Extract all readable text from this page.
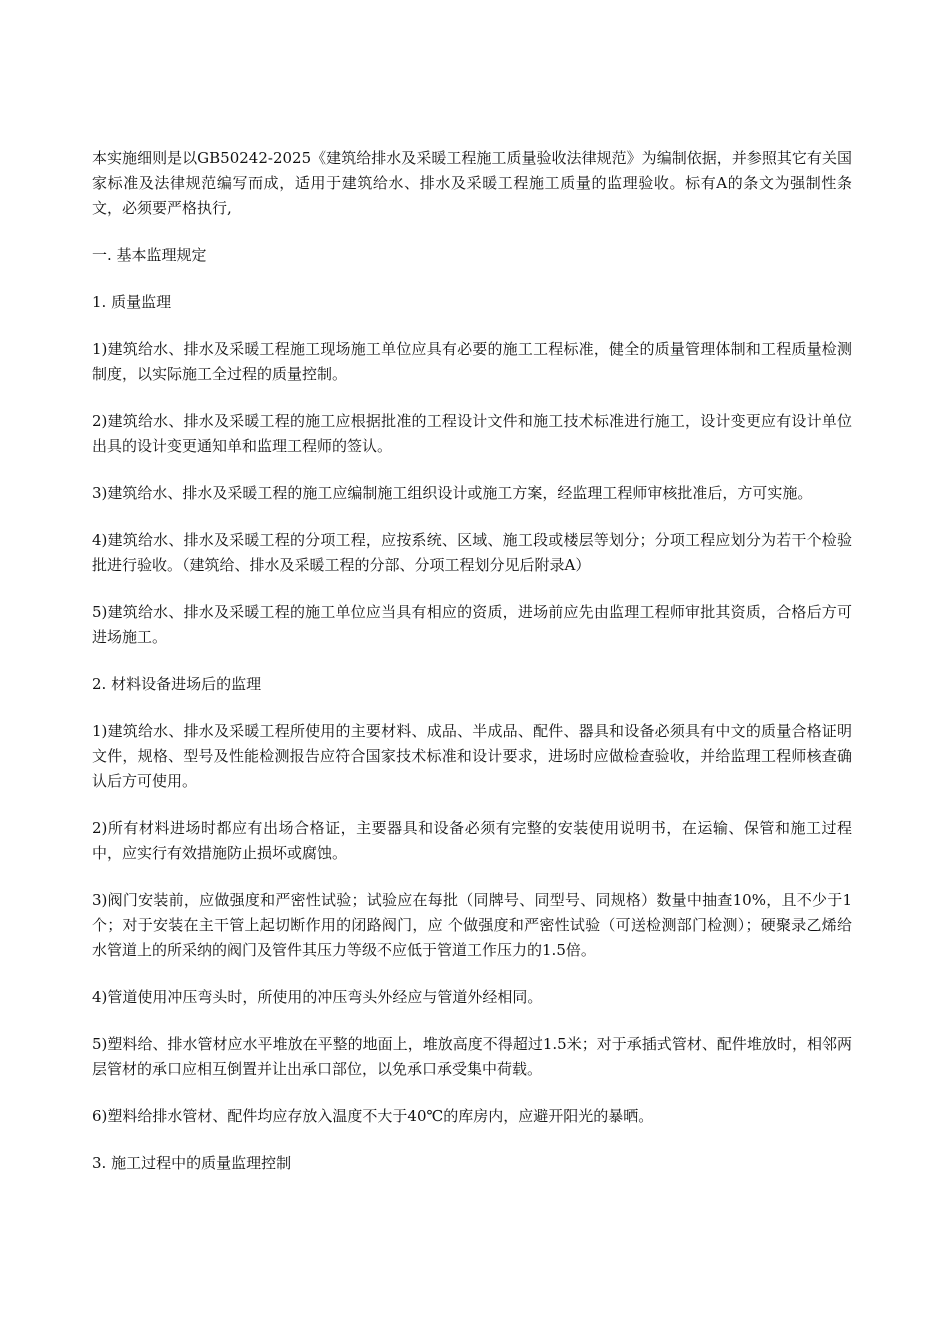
本实施细则是以GB50242-2025《建筑给排水及采暖工程施工质量验收法律规范》为编制依据，并参照其它有关国家标准及法律规范编写而成，适用于建筑给水、排水及采暖工程施工质量的监理验收。标有A的条文为强制性条文，必须要严格执行,

一. 基本监理规定

1. 质量监理

1)建筑给水、排水及采暖工程施工现场施工单位应具有必要的施工工程标准，健全的质量管理体制和工程质量检测制度，以实际施工全过程的质量控制。

2)建筑给水、排水及采暖工程的施工应根据批准的工程设计文件和施工技术标准进行施工，设计变更应有设计单位出具的设计变更通知单和监理工程师的签认。

3)建筑给水、排水及采暖工程的施工应编制施工组织设计或施工方案，经监理工程师审核批准后，方可实施。

4)建筑给水、排水及采暖工程的分项工程，应按系统、区域、施工段或楼层等划分；分项工程应划分为若干个检验批进行验收。（建筑给、排水及采暖工程的分部、分项工程划分见后附录A）

5)建筑给水、排水及采暖工程的施工单位应当具有相应的资质，进场前应先由监理工程师审批其资质，合格后方可进场施工。

2. 材料设备进场后的监理

1)建筑给水、排水及采暖工程所使用的主要材料、成品、半成品、配件、器具和设备必须具有中文的质量合格证明文件，规格、型号及性能检测报告应符合国家技术标准和设计要求，进场时应做检查验收，并给监理工程师核查确认后方可使用。

2)所有材料进场时都应有出场合格证，主要器具和设备必须有完整的安装使用说明书，在运输、保管和施工过程中，应实行有效措施防止损坏或腐蚀。

3)阀门安装前，应做强度和严密性试验；试验应在每批（同牌号、同型号、同规格）数量中抽查10%，且不少于1个；对于安装在主干管上起切断作用的闭路阀门，应 个做强度和严密性试验（可送检测部门检测）；硬聚录乙烯给水管道上的所采纳的阀门及管件其压力等级不应低于管道工作压力的1.5倍。

4)管道使用冲压弯头时，所使用的冲压弯头外经应与管道外经相同。

5)塑料给、排水管材应水平堆放在平整的地面上，堆放高度不得超过1.5米；对于承插式管材、配件堆放时，相邻两层管材的承口应相互倒置并让出承口部位，以免承口承受集中荷载。

6)塑料给排水管材、配件均应存放入温度不大于40℃的库房内，应避开阳光的暴晒。

3. 施工过程中的质量监理控制
